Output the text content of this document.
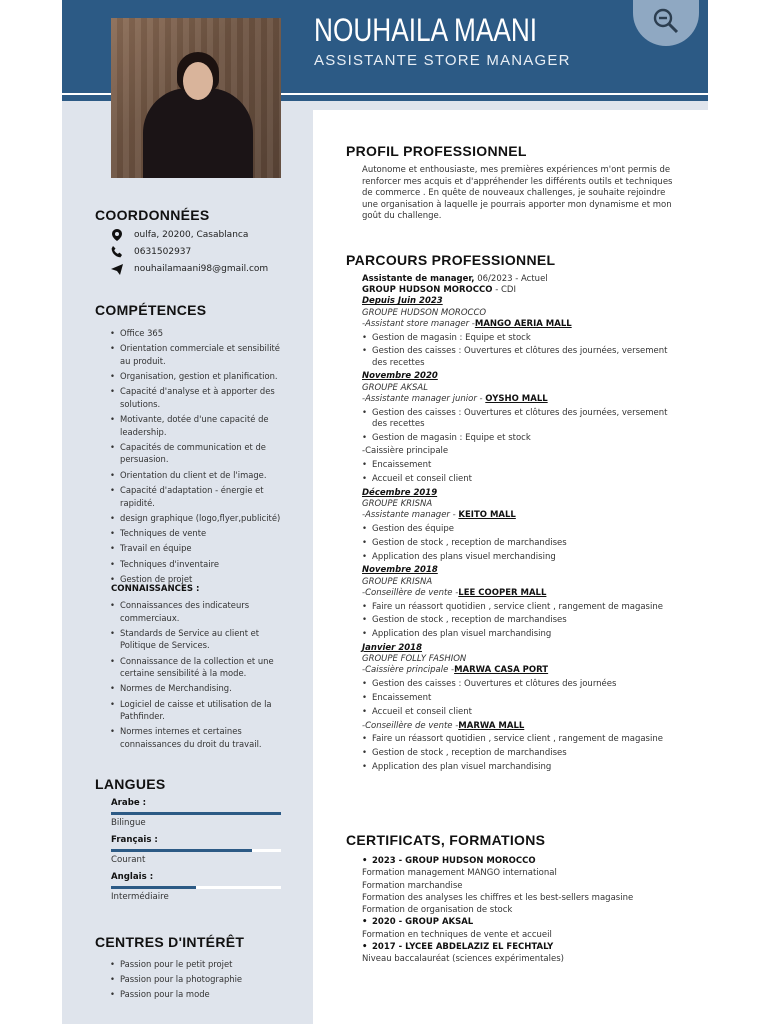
NOUHAILA MAANI
ASSISTANTE STORE MANAGER
COORDONNÉES
oulfa, 20200, Casablanca
0631502937
nouhailamaani98@gmail.com
COMPÉTENCES
• Office 365
• Orientation commerciale et sensibilité au produit.
• Organisation, gestion et planification.
• Capacité d'analyse et à apporter des solutions.
• Motivante, dotée d'une capacité de leadership.
• Capacités de communication et de persuasion.
• Orientation du client et de l'image.
• Capacité d'adaptation - énergie et rapidité.
• design graphique (logo,flyer,publicité)
• Techniques de vente
• Travail en équipe
• Techniques d'inventaire
• Gestion de projet
CONNAISSANCES :
• Connaissances des indicateurs commerciaux.
• Standards de Service au client et Politique de Services.
• Connaissance de la collection et une certaine sensibilité à la mode.
• Normes de Merchandising.
• Logiciel de caisse et utilisation de la Pathfinder.
• Normes internes et certaines connaissances du droit du travail.
LANGUES
Arabe :
Bilingue
Français :
Courant
Anglais :
Intermédiaire
CENTRES D'INTÉRÊT
• Passion pour le petit projet
• Passion pour la photographie
• Passion pour la mode
PROFIL PROFESSIONNEL
Autonome et enthousiaste, mes premières expériences m'ont permis de renforcer mes acquis et d'appréhender les différents outils et techniques de commerce . En quête de nouveaux challenges, je souhaite rejoindre une organisation à laquelle je pourrais apporter mon dynamisme et mon goût du challenge.
PARCOURS PROFESSIONNEL
Assistante de manager, 06/2023 - Actuel
GROUP HUDSON MOROCCO - CDI
Depuis Juin 2023
GROUPE HUDSON MOROCCO
-Assistant store manager -MANGO AERIA MALL
• Gestion de magasin : Equipe et stock
• Gestion des caisses : Ouvertures et clôtures des journées, versement des recettes
Novembre 2020
GROUPE AKSAL
-Assistante manager junior - OYSHO MALL
• Gestion des caisses : Ouvertures et clôtures des journées, versement des recettes
• Gestion de magasin : Equipe et stock
-Caissière principale
• Encaissement
• Accueil et conseil client
Décembre 2019
GROUPE KRISNA
-Assistante manager - KEITO MALL
• Gestion des équipe
• Gestion de stock , reception de marchandises
• Application des plans visuel merchandising
Novembre 2018
GROUPE KRISNA
-Conseillère de vente -LEE COOPER MALL
• Faire un réassort quotidien , service client , rangement de magasine
• Gestion de stock , reception de marchandises
• Application des plan visuel marchandising
Janvier 2018
GROUPE FOLLY FASHION
-Caissière principale -MARWA CASA PORT
• Gestion des caisses : Ouvertures et clôtures des journées
• Encaissement
• Accueil et conseil client
-Conseillère de vente -MARWA MALL
• Faire un réassort quotidien , service client , rangement de magasine
• Gestion de stock , reception de marchandises
• Application des plan visuel marchandising
CERTIFICATS, FORMATIONS
• 2023 - GROUP HUDSON MOROCCO
Formation management MANGO international
Formation marchandise
Formation des analyses les chiffres et les best-sellers magasine
Formation de organisation de stock
• 2020 - GROUP AKSAL
Formation en techniques de vente et accueil
• 2017 - LYCEE ABDELAZIZ EL FECHTALY
Niveau baccalauréat (sciences expérimentales)
